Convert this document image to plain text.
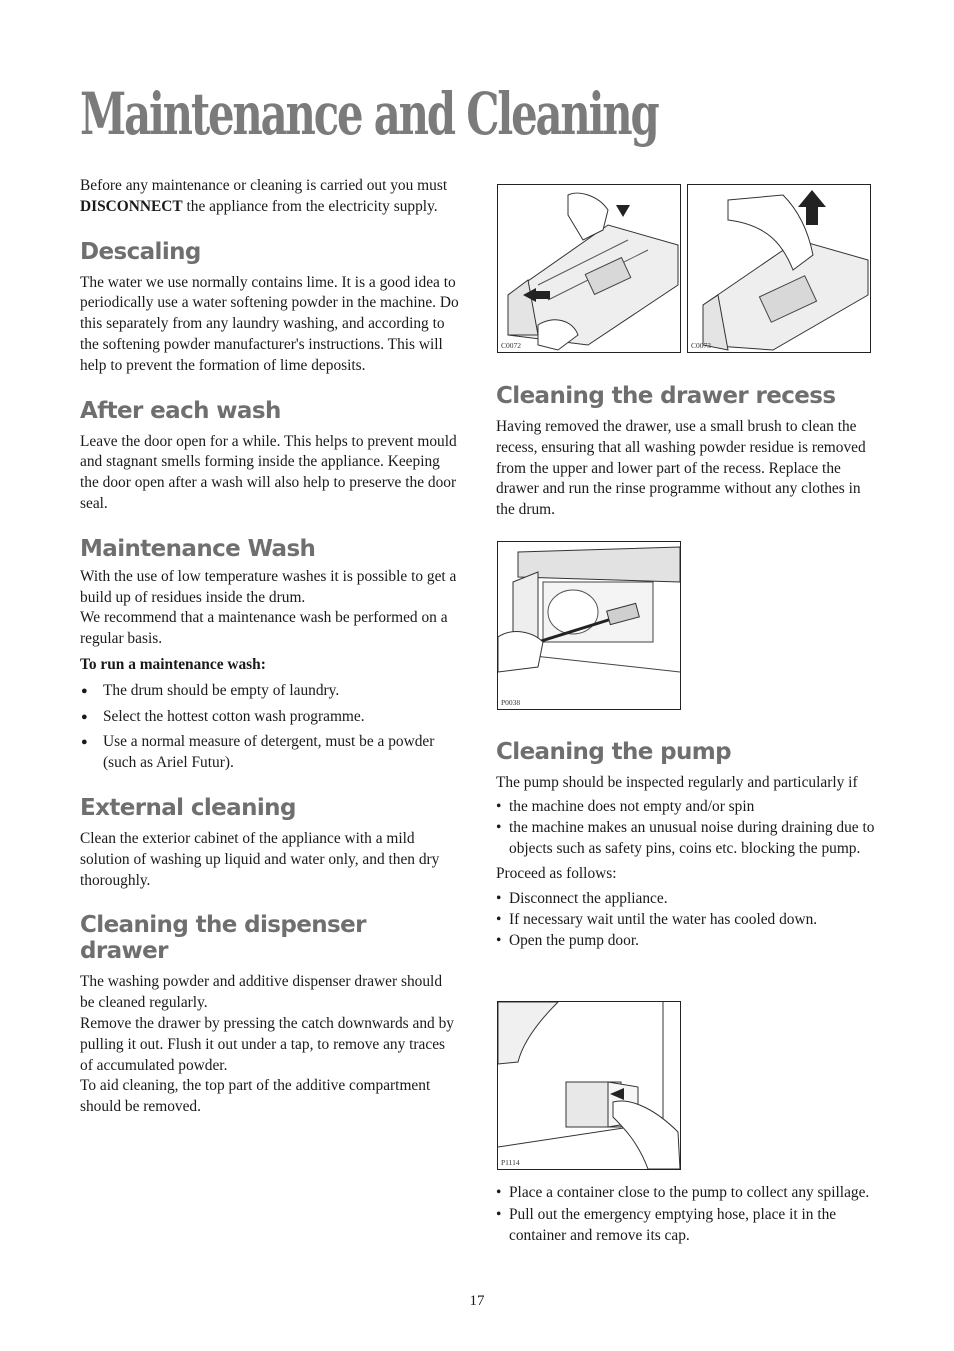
Maintenance and Cleaning

Before any maintenance or cleaning is carried out you must DISCONNECT the appliance from the electricity supply.

Descaling

The water we use normally contains lime. It is a good idea to periodically use a water softening powder in the machine. Do this separately from any laundry washing, and according to the softening powder manufacturer's instructions. This will help to prevent the formation of lime deposits.

After each wash

Leave the door open for a while. This helps to prevent mould and stagnant smells forming inside the appliance. Keeping the door open after a wash will also help to preserve the door seal.

Maintenance Wash

With the use of low temperature washes it is possible to get a build up of residues inside the drum.

We recommend that a maintenance wash be performed on a regular basis.

To run a maintenance wash:

● The drum should be empty of laundry.
● Select the hottest cotton wash programme.
● Use a normal measure of detergent, must be a powder (such as Ariel Futur).
External cleaning

Clean the exterior cabinet of the appliance with a mild solution of washing up liquid and water only, and then dry thoroughly.

Cleaning the dispenser drawer

The washing powder and additive dispenser drawer should be cleaned regularly.

Remove the drawer by pressing the catch downwards and by pulling it out. Flush it out under a tap, to remove any traces of accumulated powder.

To aid cleaning, the top part of the additive compartment should be removed.

C0072	C0073
P0038
P1114
Cleaning the drawer recess

Having removed the drawer, use a small brush to clean the recess, ensuring that all washing powder residue is removed from the upper and lower part of the recess. Replace the drawer and run the rinse programme without any clothes in the drum.

Cleaning the pump

The pump should be inspected regularly and particularly if

• the machine does not empty and/or spin
• the machine makes an unusual noise during draining due to objects such as safety pins, coins etc. blocking the pump.

Proceed as follows:

• Disconnect the appliance.
• If necessary wait until the water has cooled down.
• Open the pump door.
• Place a container close to the pump to collect any spillage.
• Pull out the emergency emptying hose, place it in the container and remove its cap.
17
